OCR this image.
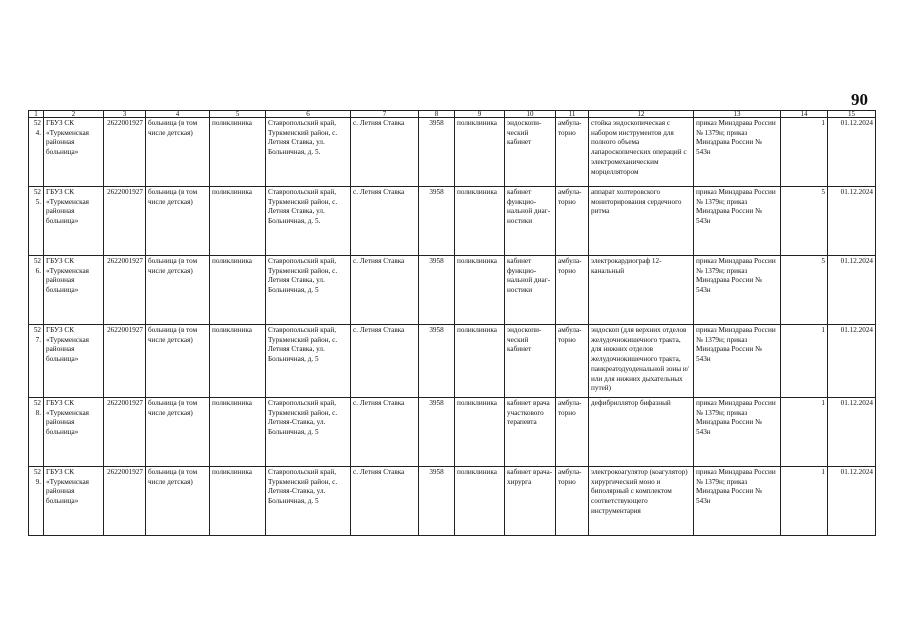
90
1	2	3	4	5	6	7	8	9	10	11	12	13	14	15
524.	ГБУЗ СК «Туркменская районная больница»	2622001927	больница (в том числе детская)	поликлиника	Ставропольский край, Туркменский район, с. Летняя Ставка, ул. Больничная, д. 5.	с. Летняя Ставка	3958	поликлиника	эндоскопи-ческий кабинет	амбула-торно	стойка эндоскопическая с набором инструментов для полного объема лапароскопических операций с электромеханическим морцеллятором	приказ Минздрава России № 1379н; приказ Минздрава России № 543н	1	01.12.2024
525.	ГБУЗ СК «Туркменская районная больница»	2622001927	больница (в том числе детская)	поликлиника	Ставропольский край, Туркменский район, с. Летняя Ставка, ул. Больничная, д. 5.	с. Летняя Ставка	3958	поликлиника	кабинет функцио-нальной диаг-ностики	амбула-торно	аппарат холтеровского мониторирования сердечного ритма	приказ Минздрава России № 1379н; приказ Минздрава России № 543н	5	01.12.2024
526.	ГБУЗ СК «Туркменская районная больница»	2622001927	больница (в том числе детская)	поликлиника	Ставропольский край, Туркменский район, с. Летняя Ставка, ул. Больничная, д. 5	с. Летняя Ставка	3958	поликлиника	кабинет функцио-нальной диаг-ностики	амбула-торно	электрокардиограф 12-канальный	приказ Минздрава России № 1379н; приказ Минздрава России № 543н	5	01.12.2024
527.	ГБУЗ СК «Туркменская районная больница»	2622001927	больница (в том числе детская)	поликлиника	Ставропольский край, Туркменский район, с. Летняя Ставка, ул. Больничная, д. 5	с. Летняя Ставка	3958	поликлиника	эндоскопи-ческий кабинет	амбула-торно	эндоскоп (для верхних отделов желудочнокишечного тракта, для нижних отделов желудочнокишечного тракта, панкреатодуоденальной зоны и/или для нижних дыхательных путей)	приказ Минздрава России № 1379н; приказ Минздрава России № 543н	1	01.12.2024
528.	ГБУЗ СК «Туркменская районная больница»	2622001927	больница (в том числе детская)	поликлиника	Ставропольский край, Туркменский район, с. Летняя-Ставка, ул. Больничная, д. 5	с. Летняя Ставка	3958	поликлиника	кабинет врача участкового терапевта	амбула-торно	дефибриллятор бифазный	приказ Минздрава России № 1379н; приказ Минздрава России № 543н	1	01.12.2024
529.	ГБУЗ СК «Туркменская районная больница»	2622001927	больница (в том числе детская)	поликлиника	Ставропольский край, Туркменский район, с. Летняя-Ставка, ул. Больничная, д. 5	с. Летняя Ставка	3958	поликлиника	кабинет врача-хирурга	амбула-торно	электрокоагулятор (коагулятор) хирургический моно и биполярный с комплектом соответствующего инструментария	приказ Минздрава России № 1379н; приказ Минздрава России № 543н	1	01.12.2024
